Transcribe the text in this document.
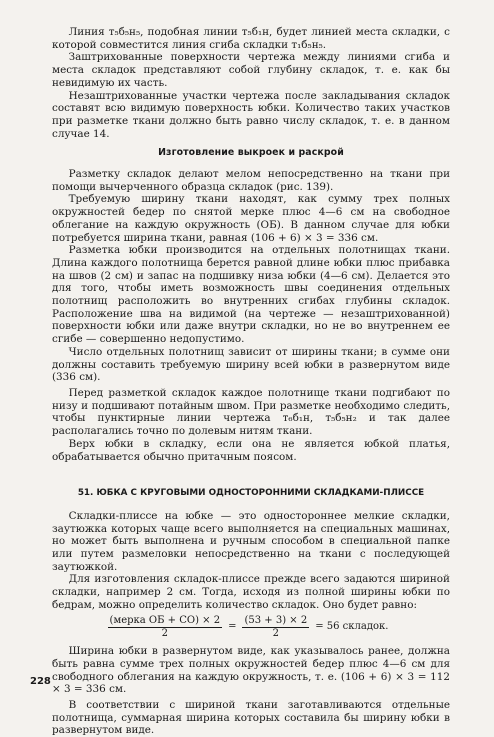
Линия т₅б₅н₅, подобная линии т₅б₁н, будет линией места складки, с которой совместится линия сгиба складки т₁б₅н₅.

Заштрихованные поверхности чертежа между линиями сгиба и места складок представляют собой глубину складок, т. е. как бы невидимую их часть.

Незаштрихованные участки чертежа после закладывания складок составят всю видимую поверхность юбки. Количество таких участков при разметке ткани должно быть равно числу складок, т. е. в данном случае 14.

Изготовление выкроек и раскрой

Разметку складок делают мелом непосредственно на ткани при помощи вычерченного образца складок (рис. 139).

Требуемую ширину ткани находят, как сумму трех полных окружностей бедер по снятой мерке плюс 4—6 см на свободное облегание на каждую окружность (ОБ). В данном случае для юбки потребуется ширина ткани, равная (106 + 6) × 3 = 336 см.

Разметка юбки производится на отдельных полотнищах ткани. Длина каждого полотнища берется равной длине юбки плюс прибавка на швов (2 см) и запас на подшивку низа юбки (4—6 см). Делается это для того, чтобы иметь возможность швы соединения отдельных полотнищ расположить во внутренних сгибах глубины складок. Расположение шва на видимой (на чертеже — незаштрихованной) поверхности юбки или даже внутри складки, но не во внутреннем ее сгибе — совершенно недопустимо.

Число отдельных полотнищ зависит от ширины ткани; в сумме они должны составить требуемую ширину всей юбки в развернутом виде (336 см).

Перед разметкой складок каждое полотнище ткани подгибают по низу и подшивают потайным швом. При разметке необходимо следить, чтобы пунктирные линии чертежа т₆б₁н, т₅б₅н₂ и так далее располагались точно по долевым нитям ткани.

Верх юбки в складку, если она не является юбкой платья, обрабатывается обычно притачным поясом.

51. ЮБКА С КРУГОВЫМИ ОДНОСТОРОННИМИ СКЛАДКАМИ-ПЛИССЕ

Складки-плиссе на юбке — это одностороннее мелкие складки, заутюжка которых чаще всего выполняется на специальных машинах, но может быть выполнена и ручным способом в специальной папке или путем размеловки непосредственно на ткани с последующей заутюжкой.

Для изготовления складок-плиссе прежде всего задаются шириной складки, например 2 см. Тогда, исходя из полной ширины юбки по бедрам, можно определить количество складок. Оно будет равно:

$\frac{\text{(мерка ОБ + СО) × 2}}{2} = \frac{(53 + 3) \times 2}{2} = 56$ складок.

Ширина юбки в развернутом виде, как указывалось ранее, должна быть равна сумме трех полных окружностей бедер плюс 4—6 см для свободного облегания на каждую окружность, т. е. (106 + 6) × 3 = 112 × 3 = 336 см.

В соответствии с шириной ткани заготавливаются отдельные полотнища, суммарная ширина которых составила бы ширину юбки в развернутом виде.

228
